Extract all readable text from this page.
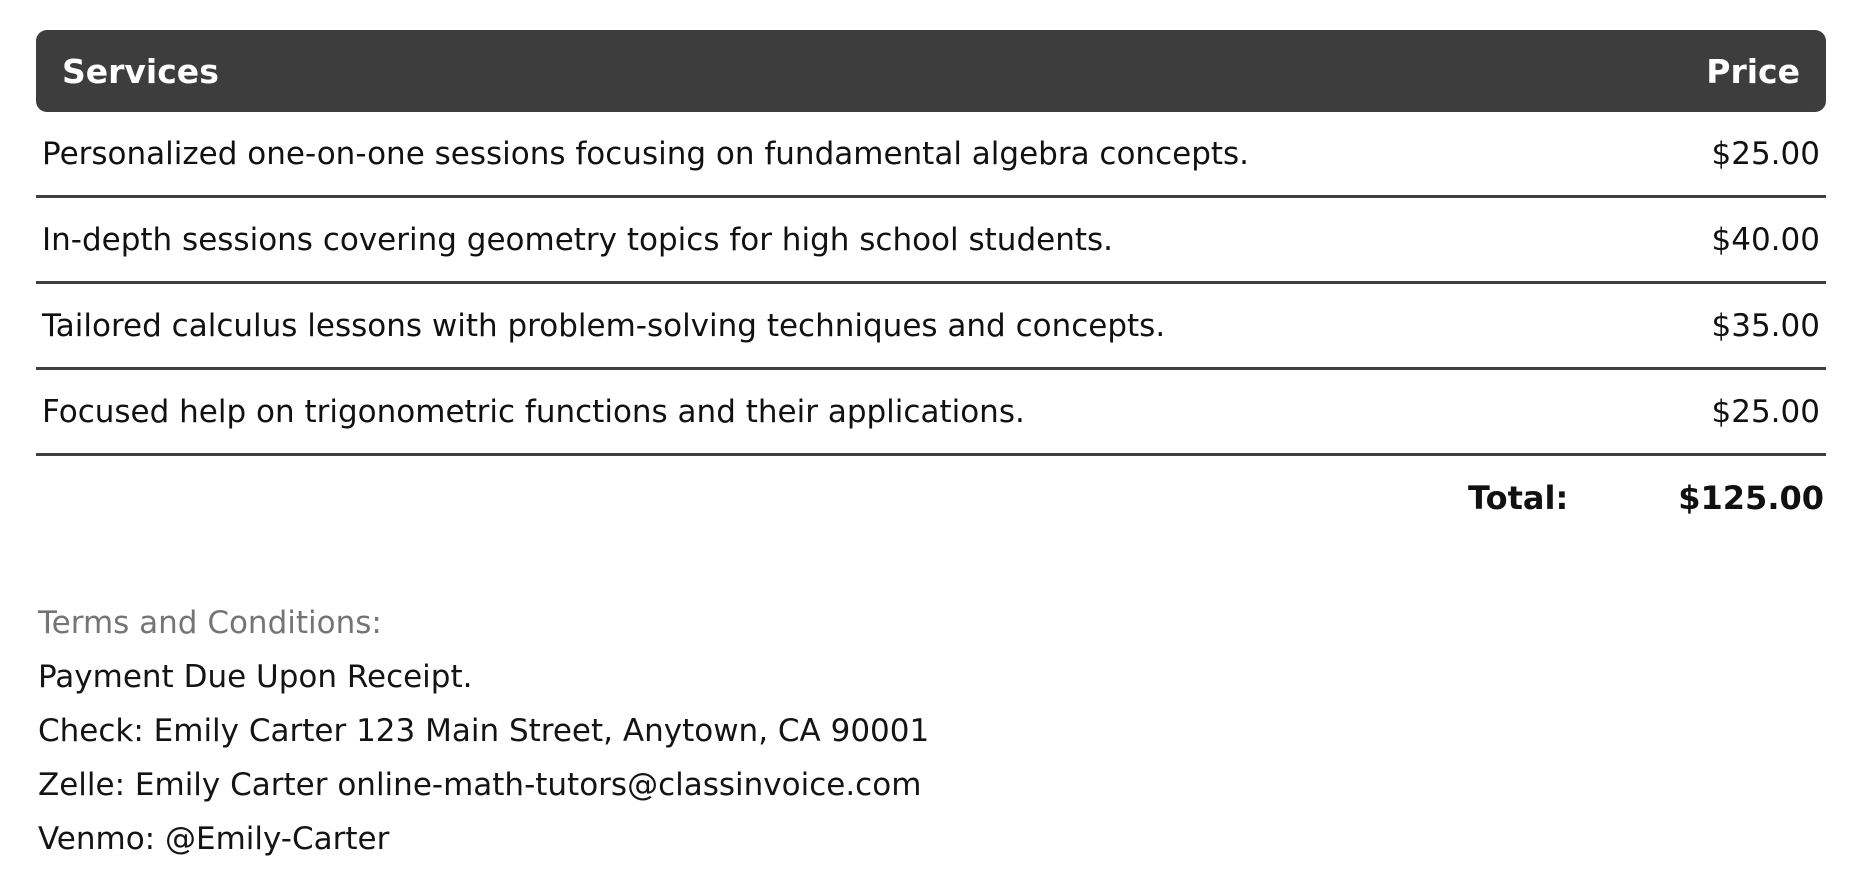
Services	Price
Personalized one-on-one sessions focusing on fundamental algebra concepts.	$25.00
In-depth sessions covering geometry topics for high school students.	$40.00
Tailored calculus lessons with problem-solving techniques and concepts.	$35.00
Focused help on trigonometric functions and their applications.	$25.00
Total:	$125.00
Terms and Conditions:
Payment Due Upon Receipt.
Check: Emily Carter 123 Main Street, Anytown, CA 90001
Zelle: Emily Carter online-math-tutors@classinvoice.com
Venmo: @Emily-Carter
